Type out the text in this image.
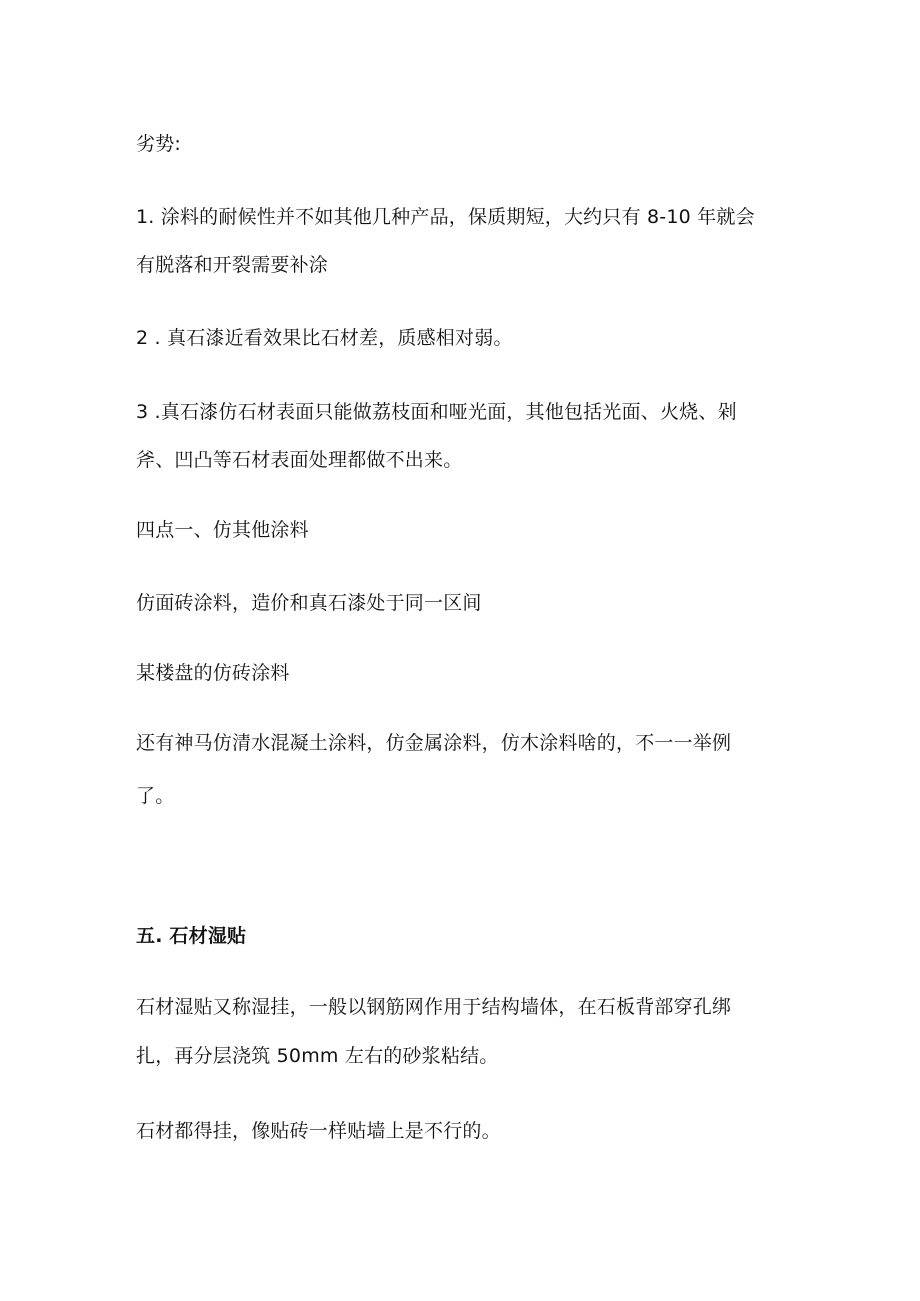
劣势:
1. 涂料的耐候性并不如其他几种产品，保质期短，大约只有 8-10 年就会
有脱落和开裂需要补涂
2 . 真石漆近看效果比石材差，质感相对弱。
3 .真石漆仿石材表面只能做荔枝面和哑光面，其他包括光面、火烧、剁
斧、凹凸等石材表面处理都做不出来。
四点一、仿其他涂料
仿面砖涂料，造价和真石漆处于同一区间
某楼盘的仿砖涂料
还有神马仿清水混凝土涂料，仿金属涂料，仿木涂料啥的，不一一举例
了。
五. 石材湿贴
石材湿贴又称湿挂，一般以钢筋网作用于结构墙体，在石板背部穿孔绑
扎，再分层浇筑 50mm 左右的砂浆粘结。
石材都得挂，像贴砖一样贴墙上是不行的。
